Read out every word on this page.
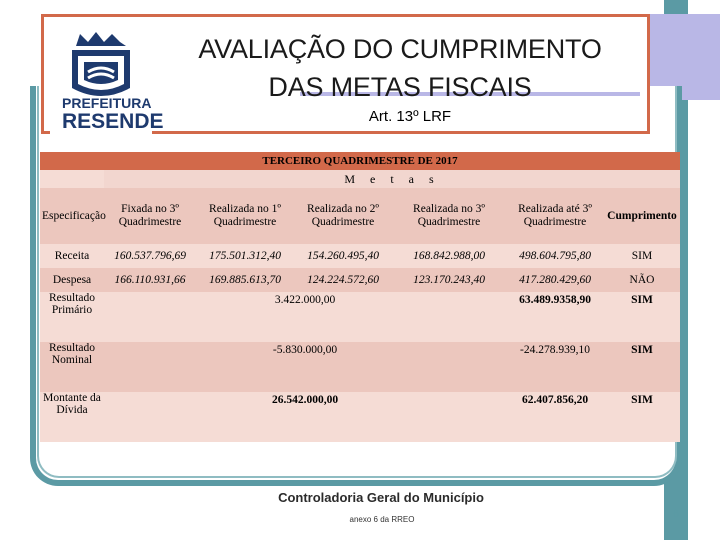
PREFEITURA
RESENDE
AVALIAÇÃO DO CUMPRIMENTO DAS METAS FISCAIS
Art. 13º LRF
TERCEIRO QUADRIMESTRE DE 2017						
	M e t a s					
Especificação	Fixada no 3º Quadrimestre	Realizada no 1º Quadrimestre	Realizada no 2º Quadrimestre	Realizada no 3º Quadrimestre	Realizada até 3º Quadrimestre	Cumprimento
Receita	160.537.796,69	175.501.312,40	154.260.495,40	168.842.988,00	498.604.795,80	SIM
Despesa	166.110.931,66	169.885.613,70	124.224.572,60	123.170.243,40	417.280.429,60	NÃO
Resultado Primário	3.422.000,00				63.489.9358,90	SIM
Resultado Nominal	-5.830.000,00				-24.278.939,10	SIM
Montante da Dívida	26.542.000,00				62.407.856,20	SIM
Controladoria Geral do Município
anexo 6 da RREO	6
